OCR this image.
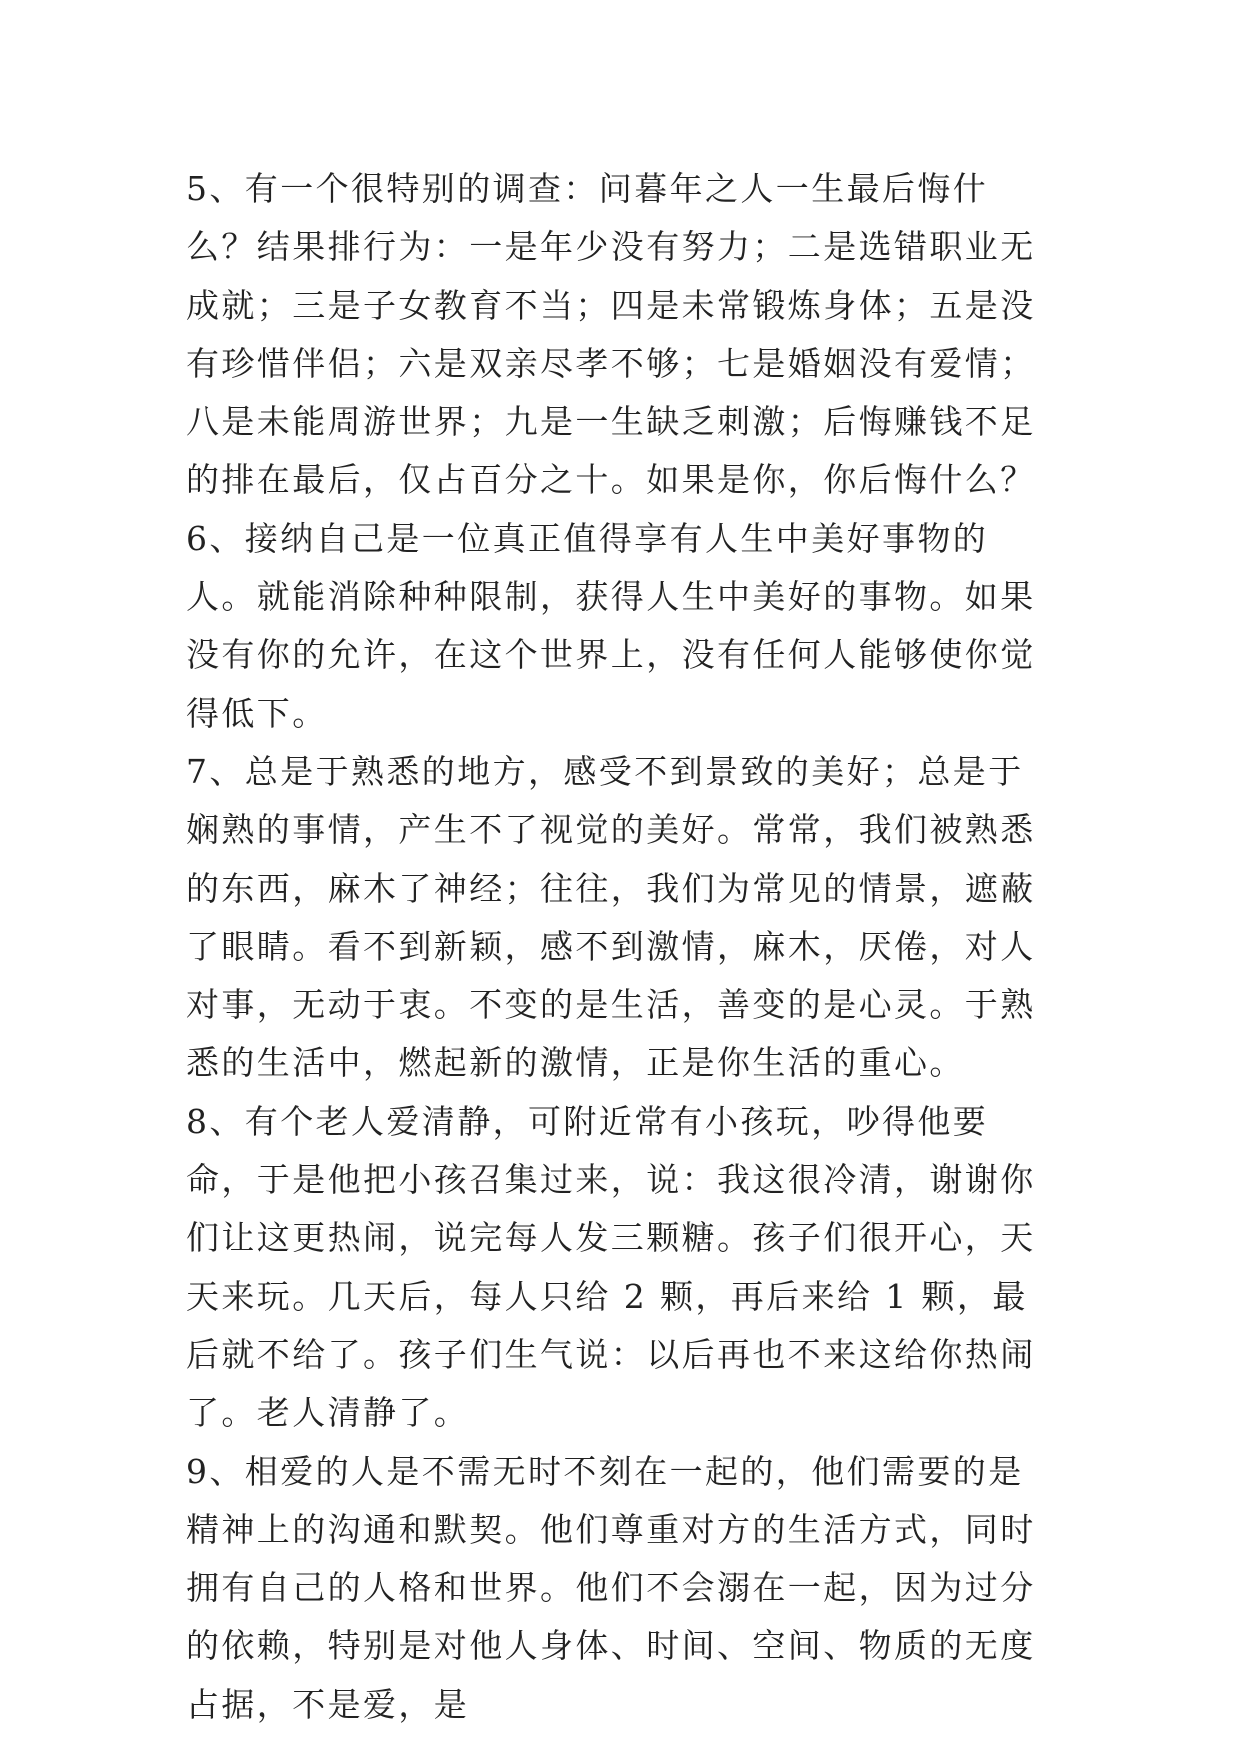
5、有一个很特别的调查：问暮年之人一生最后悔什么？结果排行为：一是年少没有努力；二是选错职业无成就；三是子女教育不当；四是未常锻炼身体；五是没有珍惜伴侣；六是双亲尽孝不够；七是婚姻没有爱情；八是未能周游世界；九是一生缺乏刺激；后悔赚钱不足的排在最后，仅占百分之十。如果是你，你后悔什么？

6、接纳自己是一位真正值得享有人生中美好事物的人。就能消除种种限制，获得人生中美好的事物。如果没有你的允许，在这个世界上，没有任何人能够使你觉得低下。

7、总是于熟悉的地方，感受不到景致的美好；总是于娴熟的事情，产生不了视觉的美好。常常，我们被熟悉的东西，麻木了神经；往往，我们为常见的情景，遮蔽了眼睛。看不到新颖，感不到激情，麻木，厌倦，对人对事，无动于衷。不变的是生活，善变的是心灵。于熟悉的生活中，燃起新的激情，正是你生活的重心。

8、有个老人爱清静，可附近常有小孩玩，吵得他要命，于是他把小孩召集过来，说：我这很冷清，谢谢你们让这更热闹，说完每人发三颗糖。孩子们很开心，天天来玩。几天后，每人只给 2 颗，再后来给 1 颗，最后就不给了。孩子们生气说：以后再也不来这给你热闹了。老人清静了。

9、相爱的人是不需无时不刻在一起的，他们需要的是精神上的沟通和默契。他们尊重对方的生活方式，同时拥有自己的人格和世界。他们不会溺在一起，因为过分的依赖，特别是对他人身体、时间、空间、物质的无度占据，不是爱，是
